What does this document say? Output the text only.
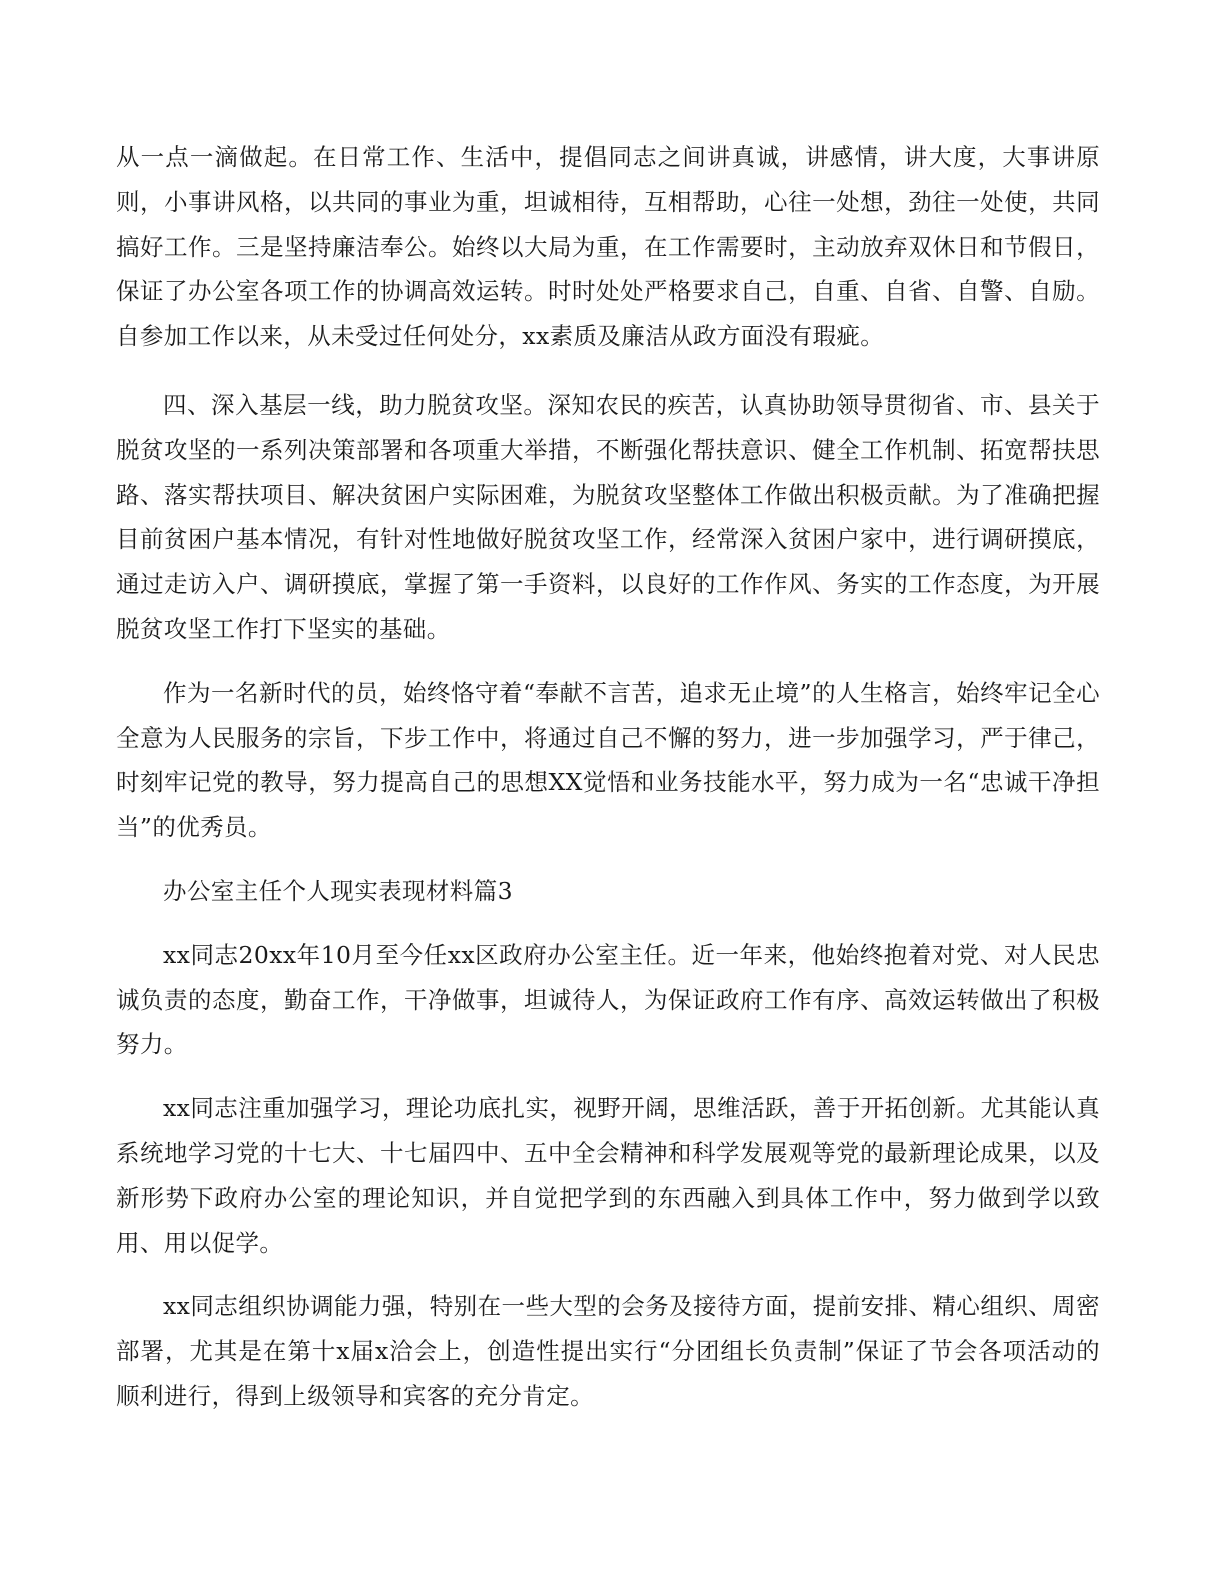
从一点一滴做起。在日常工作、生活中，提倡同志之间讲真诚，讲感情，讲大度，大事讲原则，小事讲风格，以共同的事业为重，坦诚相待，互相帮助，心往一处想，劲往一处使，共同搞好工作。三是坚持廉洁奉公。始终以大局为重，在工作需要时，主动放弃双休日和节假日，保证了办公室各项工作的协调高效运转。时时处处严格要求自己，自重、自省、自警、自励。自参加工作以来，从未受过任何处分，xx素质及廉洁从政方面没有瑕疵。

四、深入基层一线，助力脱贫攻坚。深知农民的疾苦，认真协助领导贯彻省、市、县关于脱贫攻坚的一系列决策部署和各项重大举措，不断强化帮扶意识、健全工作机制、拓宽帮扶思路、落实帮扶项目、解决贫困户实际困难，为脱贫攻坚整体工作做出积极贡献。为了准确把握目前贫困户基本情况，有针对性地做好脱贫攻坚工作，经常深入贫困户家中，进行调研摸底，通过走访入户、调研摸底，掌握了第一手资料，以良好的工作作风、务实的工作态度，为开展脱贫攻坚工作打下坚实的基础。

作为一名新时代的员，始终恪守着“奉献不言苦，追求无止境”的人生格言，始终牢记全心全意为人民服务的宗旨，下步工作中，将通过自己不懈的努力，进一步加强学习，严于律己，时刻牢记党的教导，努力提高自己的思想XX觉悟和业务技能水平，努力成为一名“忠诚干净担当”的优秀员。

办公室主任个人现实表现材料篇3

xx同志20xx年10月至今任xx区政府办公室主任。近一年来，他始终抱着对党、对人民忠诚负责的态度，勤奋工作，干净做事，坦诚待人，为保证政府工作有序、高效运转做出了积极努力。

xx同志注重加强学习，理论功底扎实，视野开阔，思维活跃，善于开拓创新。尤其能认真系统地学习党的十七大、十七届四中、五中全会精神和科学发展观等党的最新理论成果，以及新形势下政府办公室的理论知识，并自觉把学到的东西融入到具体工作中，努力做到学以致用、用以促学。

xx同志组织协调能力强，特别在一些大型的会务及接待方面，提前安排、精心组织、周密部署，尤其是在第十x届x洽会上，创造性提出实行“分团组长负责制”保证了节会各项活动的顺利进行，得到上级领导和宾客的充分肯定。
